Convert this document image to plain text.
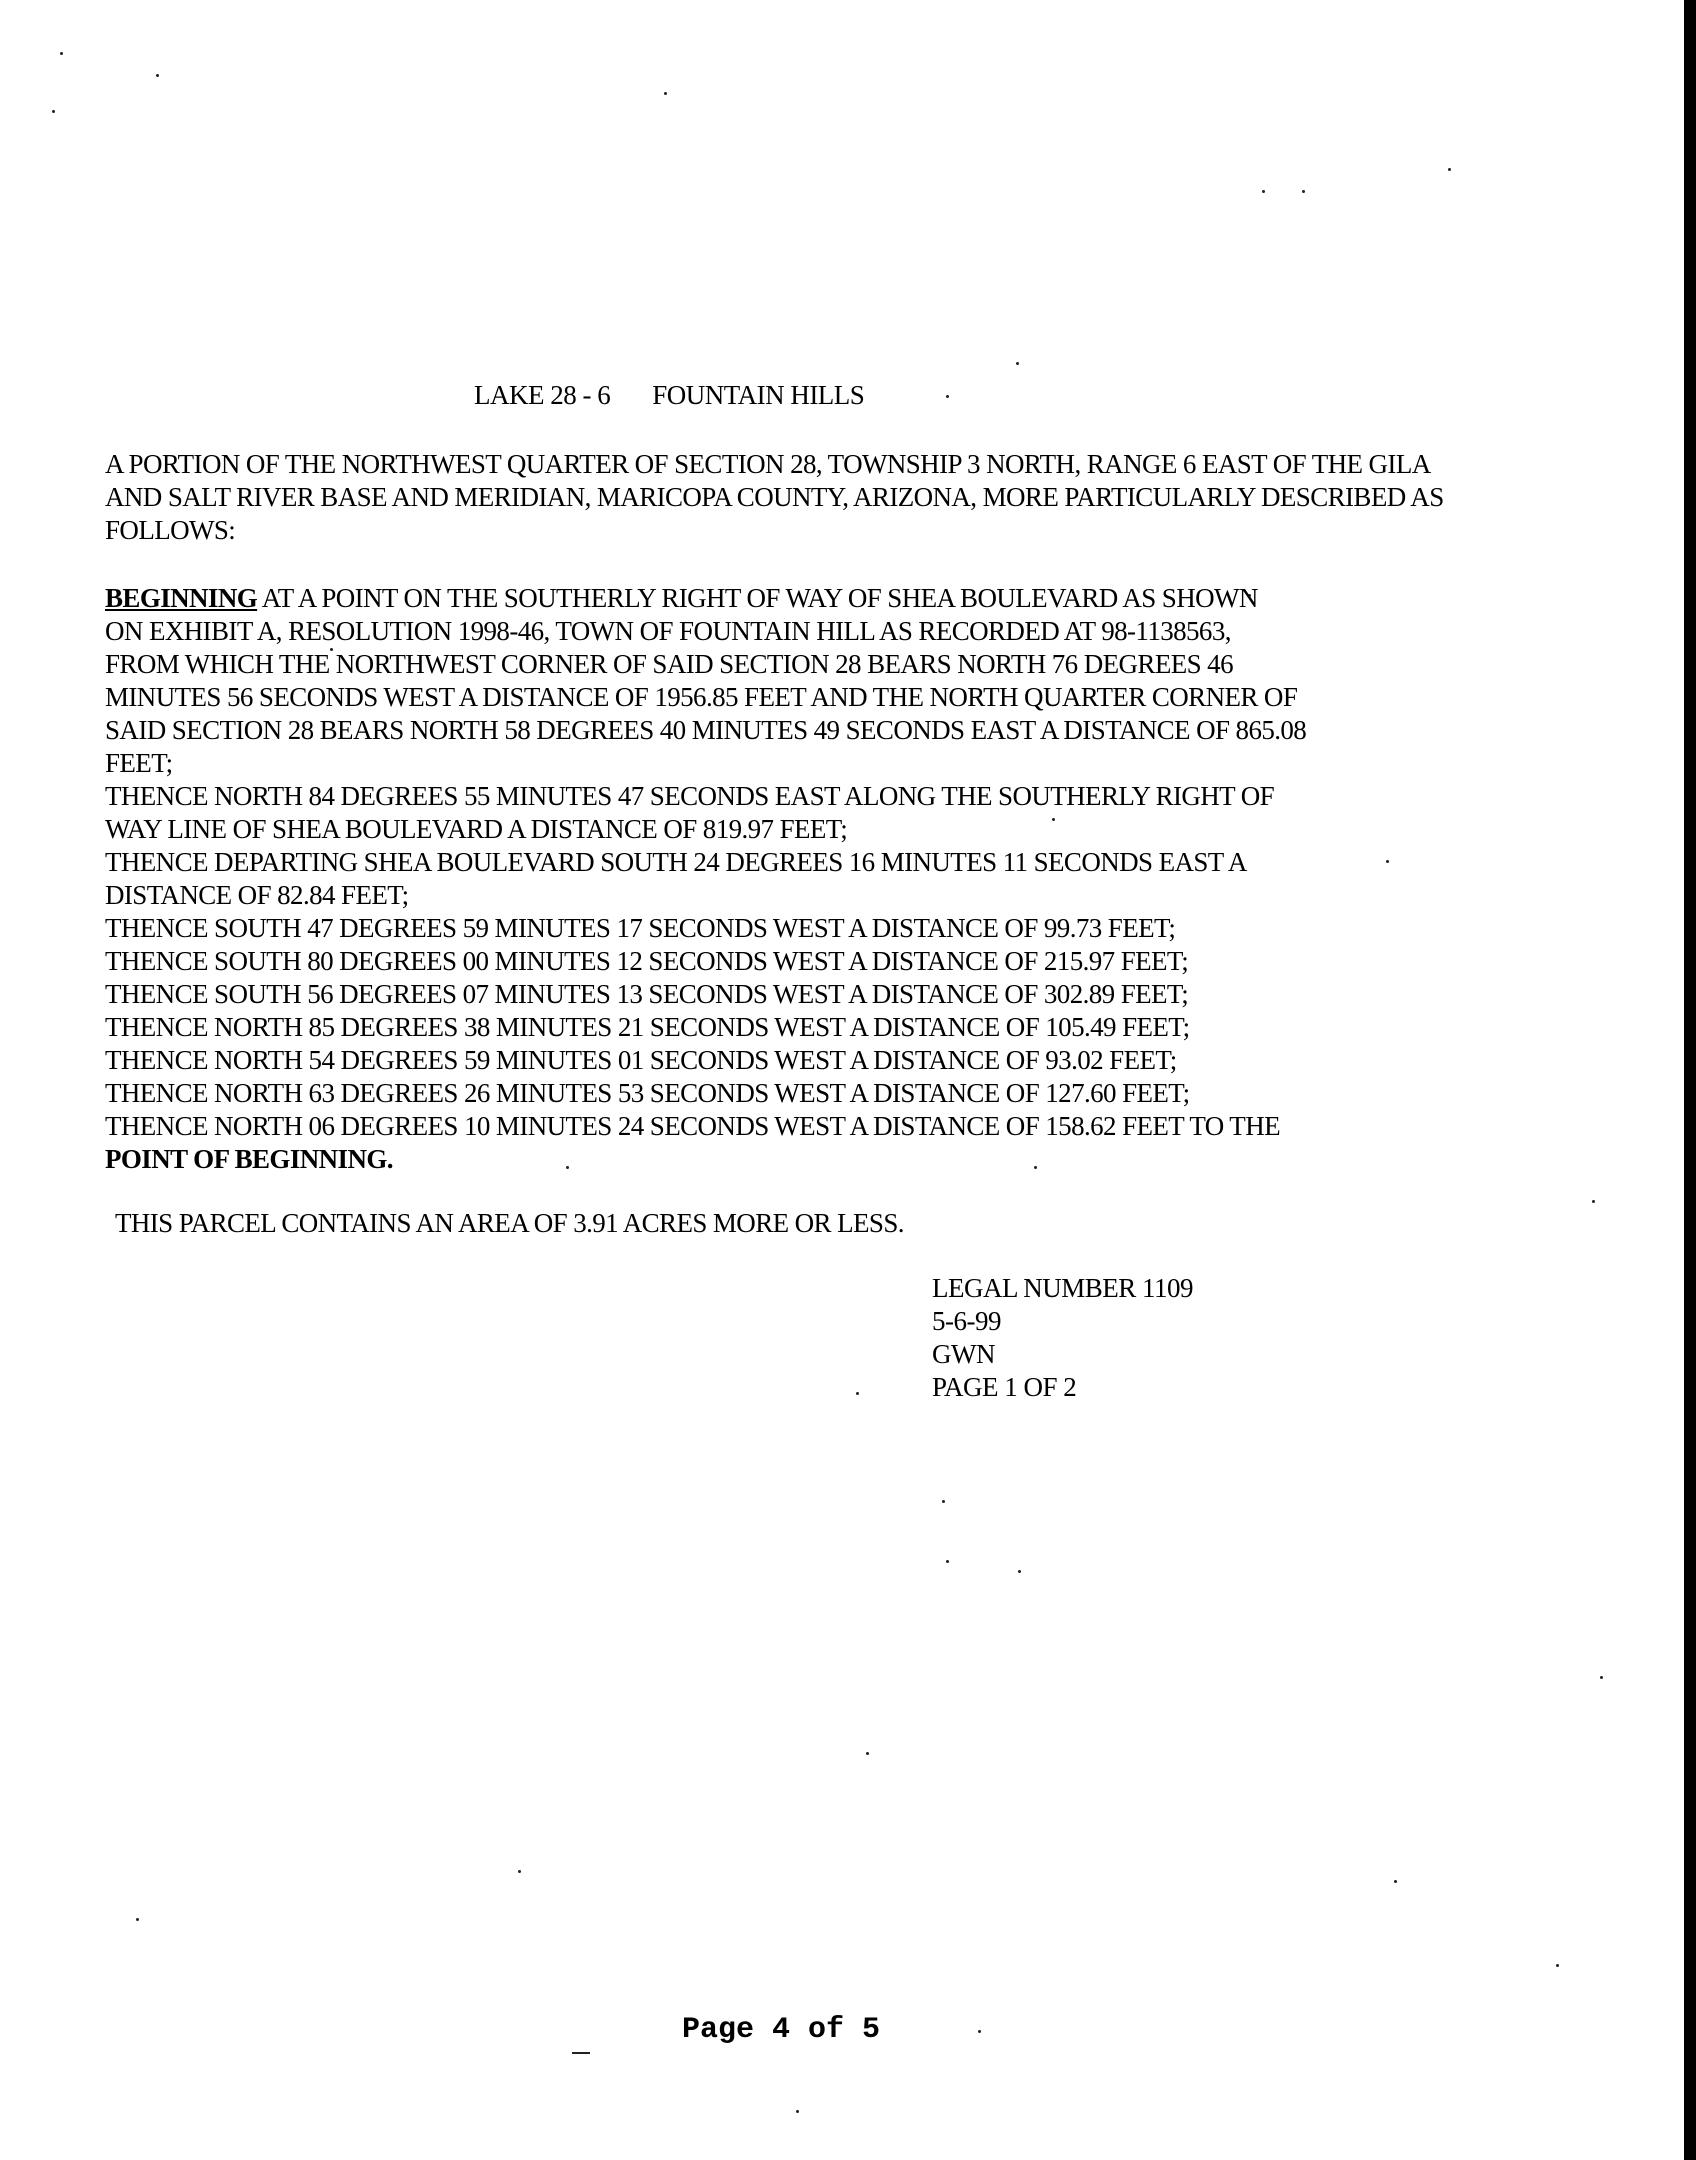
LAKE 28 - 6 FOUNTAIN HILLS
A PORTION OF THE NORTHWEST QUARTER OF SECTION 28, TOWNSHIP 3 NORTH, RANGE 6 EAST OF THE GILA AND SALT RIVER BASE AND MERIDIAN, MARICOPA COUNTY, ARIZONA, MORE PARTICULARLY DESCRIBED AS FOLLOWS:
BEGINNING AT A POINT ON THE SOUTHERLY RIGHT OF WAY OF SHEA BOULEVARD AS SHOWN
ON EXHIBIT A, RESOLUTION 1998-46, TOWN OF FOUNTAIN HILL AS RECORDED AT 98-1138563,
FROM WHICH THE NORTHWEST CORNER OF SAID SECTION 28 BEARS NORTH 76 DEGREES 46
MINUTES 56 SECONDS WEST A DISTANCE OF 1956.85 FEET AND THE NORTH QUARTER CORNER OF
SAID SECTION 28 BEARS NORTH 58 DEGREES 40 MINUTES 49 SECONDS EAST A DISTANCE OF 865.08
FEET;
THENCE NORTH 84 DEGREES 55 MINUTES 47 SECONDS EAST ALONG THE SOUTHERLY RIGHT OF
WAY LINE OF SHEA BOULEVARD A DISTANCE OF 819.97 FEET;
THENCE DEPARTING SHEA BOULEVARD SOUTH 24 DEGREES 16 MINUTES 11 SECONDS EAST A
DISTANCE OF 82.84 FEET;
THENCE SOUTH 47 DEGREES 59 MINUTES 17 SECONDS WEST A DISTANCE OF 99.73 FEET;
THENCE SOUTH 80 DEGREES 00 MINUTES 12 SECONDS WEST A DISTANCE OF 215.97 FEET;
THENCE SOUTH 56 DEGREES 07 MINUTES 13 SECONDS WEST A DISTANCE OF 302.89 FEET;
THENCE NORTH 85 DEGREES 38 MINUTES 21 SECONDS WEST A DISTANCE OF 105.49 FEET;
THENCE NORTH 54 DEGREES 59 MINUTES 01 SECONDS WEST A DISTANCE OF 93.02 FEET;
THENCE NORTH 63 DEGREES 26 MINUTES 53 SECONDS WEST A DISTANCE OF 127.60 FEET;
THENCE NORTH 06 DEGREES 10 MINUTES 24 SECONDS WEST A DISTANCE OF 158.62 FEET TO THE
POINT OF BEGINNING.
THIS PARCEL CONTAINS AN AREA OF 3.91 ACRES MORE OR LESS.
LEGAL NUMBER 1109
5-6-99
GWN
PAGE 1 OF 2
Page 4 of 5
